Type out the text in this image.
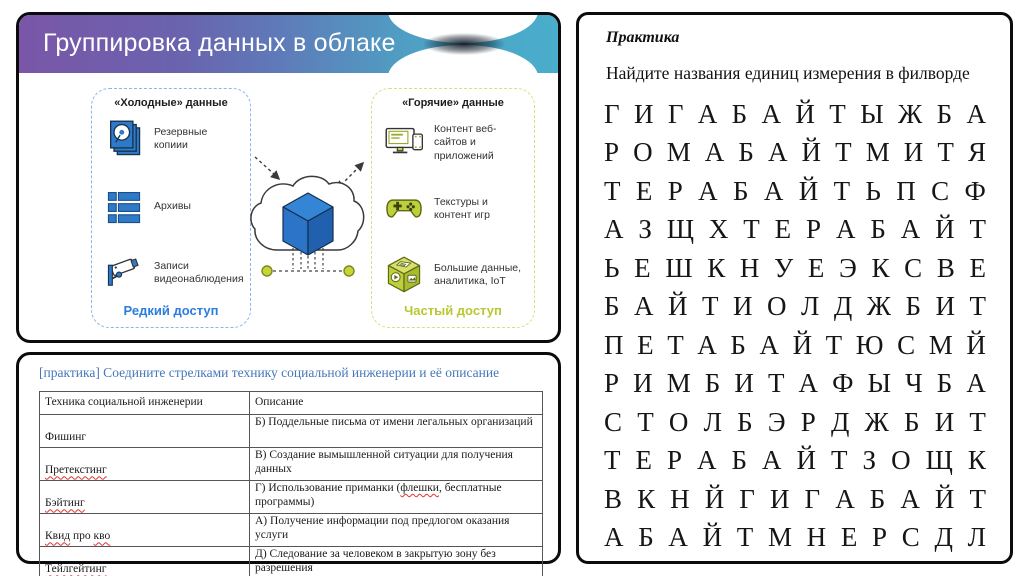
Группировка данных в облаке
«Холодные» данные
Резервные копиии
Архивы
Записи видеонаблюдения
Редкий доступ
«Горячие» данные
Контент веб-сайтов и приложений
Текстуры и контент игр
Большие данные, аналитика, IoT
Частый доступ
[практика] Соедините стрелками технику социальной инженерии и её описание
Техника социальной инженерии	Описание
Фишинг	Б) Поддельные письма от имени легальных организаций
Претекстинг	В) Создание вымышленной ситуации для получения данных
Бэйтинг	Г) Использование приманки (флешки, бесплатные программы)
Квид про кво	А) Получение информации под предлогом оказания услуги
Тейлгейтинг	Д) Следование за человеком в закрытую зону без разрешения
Практика
Найдите названия единиц измерения в филворде
Г И Г А Б А Й Т Ы Ж Б А
Р О М А Б А Й Т М И Т Я
Т Е Р А Б А Й Т Ь П С Ф
А З Щ Х Т Е Р А Б А Й Т
Ь Е Ш К Н У Е Э К С В Е
Б А Й Т И О Л Д Ж Б И Т
П Е Т А Б А Й Т Ю С М Й
Р И М Б И Т А Ф Ы Ч Б А
С Т О Л Б Э Р Д Ж Б И Т
Т Е Р А Б А Й Т З О Щ К
В К Н Й Г И Г А Б А Й Т
А Б А Й Т М Н Е Р С Д Л
